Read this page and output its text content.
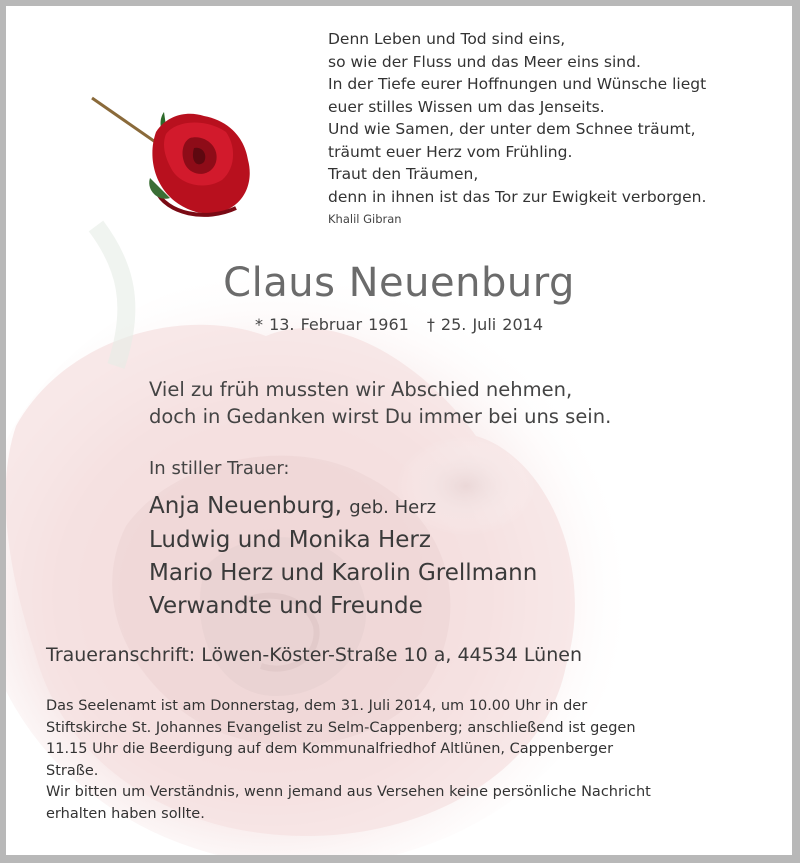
Denn Leben und Tod sind eins,
so wie der Fluss und das Meer eins sind.
In der Tiefe eurer Hoffnungen und Wünsche liegt
euer stilles Wissen um das Jenseits.
Und wie Samen, der unter dem Schnee träumt,
träumt euer Herz vom Frühling.
Traut den Träumen,
denn in ihnen ist das Tor zur Ewigkeit verborgen.
Khalil Gibran
Claus Neuenburg
* 13. Februar 1961 † 25. Juli 2014
Viel zu früh mussten wir Abschied nehmen,
doch in Gedanken wirst Du immer bei uns sein.
In stiller Trauer:
Anja Neuenburg, geb. Herz
Ludwig und Monika Herz
Mario Herz und Karolin Grellmann
Verwandte und Freunde
Traueranschrift: Löwen-Köster-Straße 10 a, 44534 Lünen
Das Seelenamt ist am Donnerstag, dem 31. Juli 2014, um 10.00 Uhr in der
Stiftskirche St. Johannes Evangelist zu Selm-Cappenberg; anschließend ist gegen
11.15 Uhr die Beerdigung auf dem Kommunalfriedhof Altlünen, Cappenberger
Straße.
Wir bitten um Verständnis, wenn jemand aus Versehen keine persönliche Nachricht
erhalten haben sollte.
